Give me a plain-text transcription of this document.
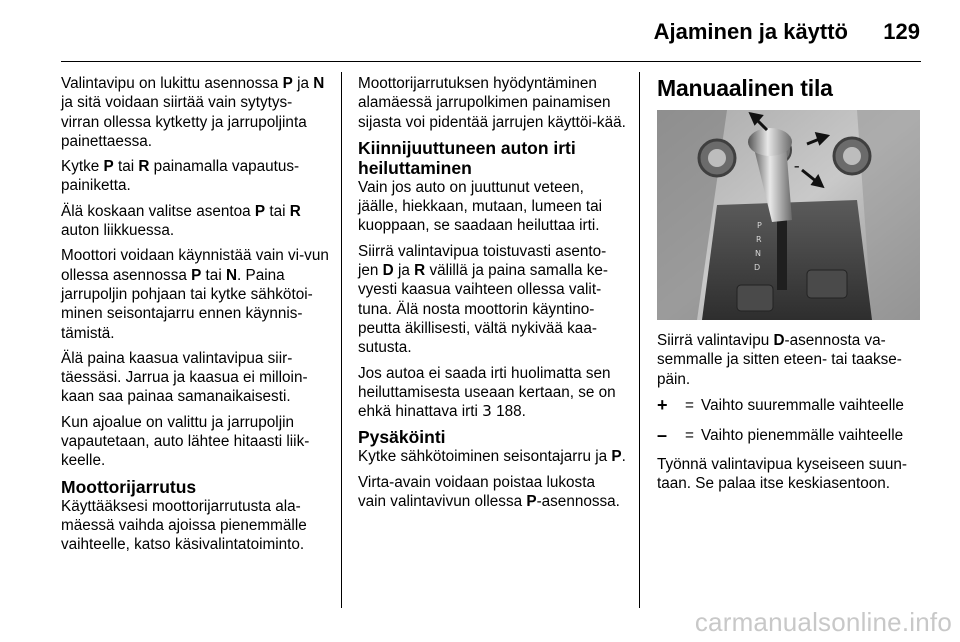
Ajaminen ja käyttö 129

Valintavipu on lukittu asennossa P ja N ja sitä voidaan siirtää vain sytytys-virran ollessa kytketty ja jarrupoljinta painettaessa.

Kytke P tai R painamalla vapautus-painiketta.

Älä koskaan valitse asentoa P tai R auton liikkuessa.

Moottori voidaan käynnistää vain vi-vun ollessa asennossa P tai N. Paina jarrupoljin pohjaan tai kytke sähkötoi-minen seisontajarru ennen käynnis-tämistä.

Älä paina kaasua valintavipua siir-täessäsi. Jarrua ja kaasua ei milloin-kaan saa painaa samanaikaisesti.

Kun ajoalue on valittu ja jarrupoljin vapautetaan, auto lähtee hitaasti liik-keelle.

Moottorijarrutus

Käyttääksesi moottorijarrutusta ala-mäessä vaihda ajoissa pienemmälle vaihteelle, katso käsivalintatoiminto.

Moottorijarrutuksen hyödyntäminen alamäessä jarrupolkimen painamisen sijasta voi pidentää jarrujen käyttöi-kää.

Kiinnijuuttuneen auton irti heiluttaminen

Vain jos auto on juuttunut veteen, jäälle, hiekkaan, mutaan, lumeen tai kuoppaan, se saadaan heiluttaa irti.

Siirrä valintavipua toistuvasti asento-jen D ja R välillä ja paina samalla ke-vyesti kaasua vaihteen ollessa valit-tuna. Älä nosta moottorin käyntino-peutta äkillisesti, vältä nykivää kaa-sutusta.

Jos autoa ei saada irti huolimatta sen heiluttamisesta useaan kertaan, se on ehkä hinattava irti 3 188.

Pysäköinti

Kytke sähkötoiminen seisontajarru ja P.

Virta-avain voidaan poistaa lukosta vain valintavivun ollessa P-asennossa.

Manuaalinen tila
P
R
N
D
–

Siirrä valintavipu D-asennosta va-semmalle ja sitten eteen- tai taakse-päin.

+	= Vaihto suuremmalle vaihteelle
–	= Vaihto pienemmälle vaihteelle

Työnnä valintavipua kyseiseen suun-taan. Se palaa itse keskiasentoon.

carmanualsonline.info
